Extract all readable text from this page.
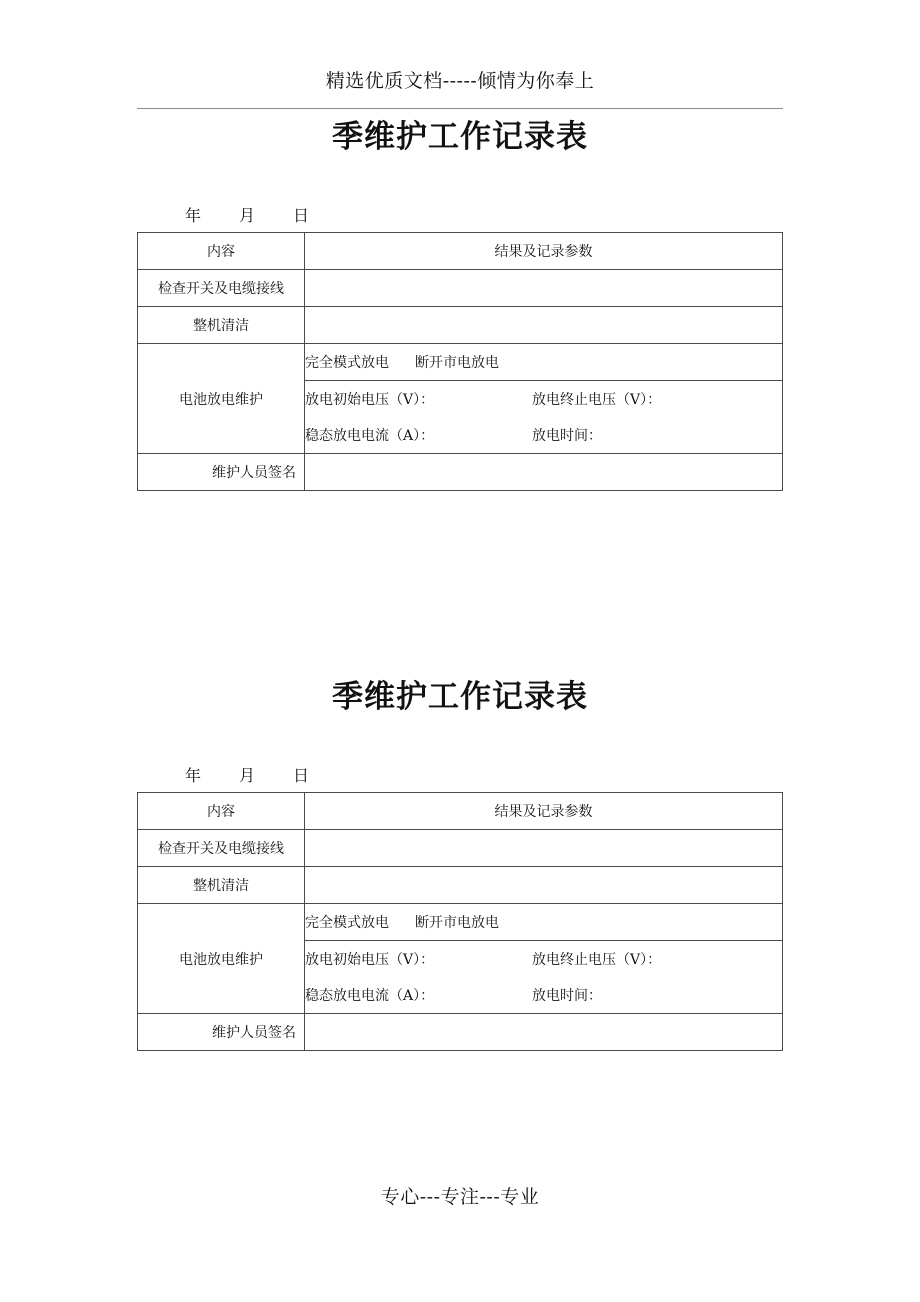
精选优质文档-----倾情为你奉上
季维护工作记录表
年 月 日
内容	结果及记录参数
检查开关及电缆接线	
整机清洁	
电池放电维护	完全模式放电 断开市电放电

	放电初始电压（V）： 放电终止电压（V）：

	稳态放电电流（A）： 放电时间：

维护人员签名	
季维护工作记录表
年 月 日
内容	结果及记录参数
检查开关及电缆接线	
整机清洁	
电池放电维护	完全模式放电 断开市电放电

	放电初始电压（V）： 放电终止电压（V）：

	稳态放电电流（A）： 放电时间：

维护人员签名	
专心---专注---专业
